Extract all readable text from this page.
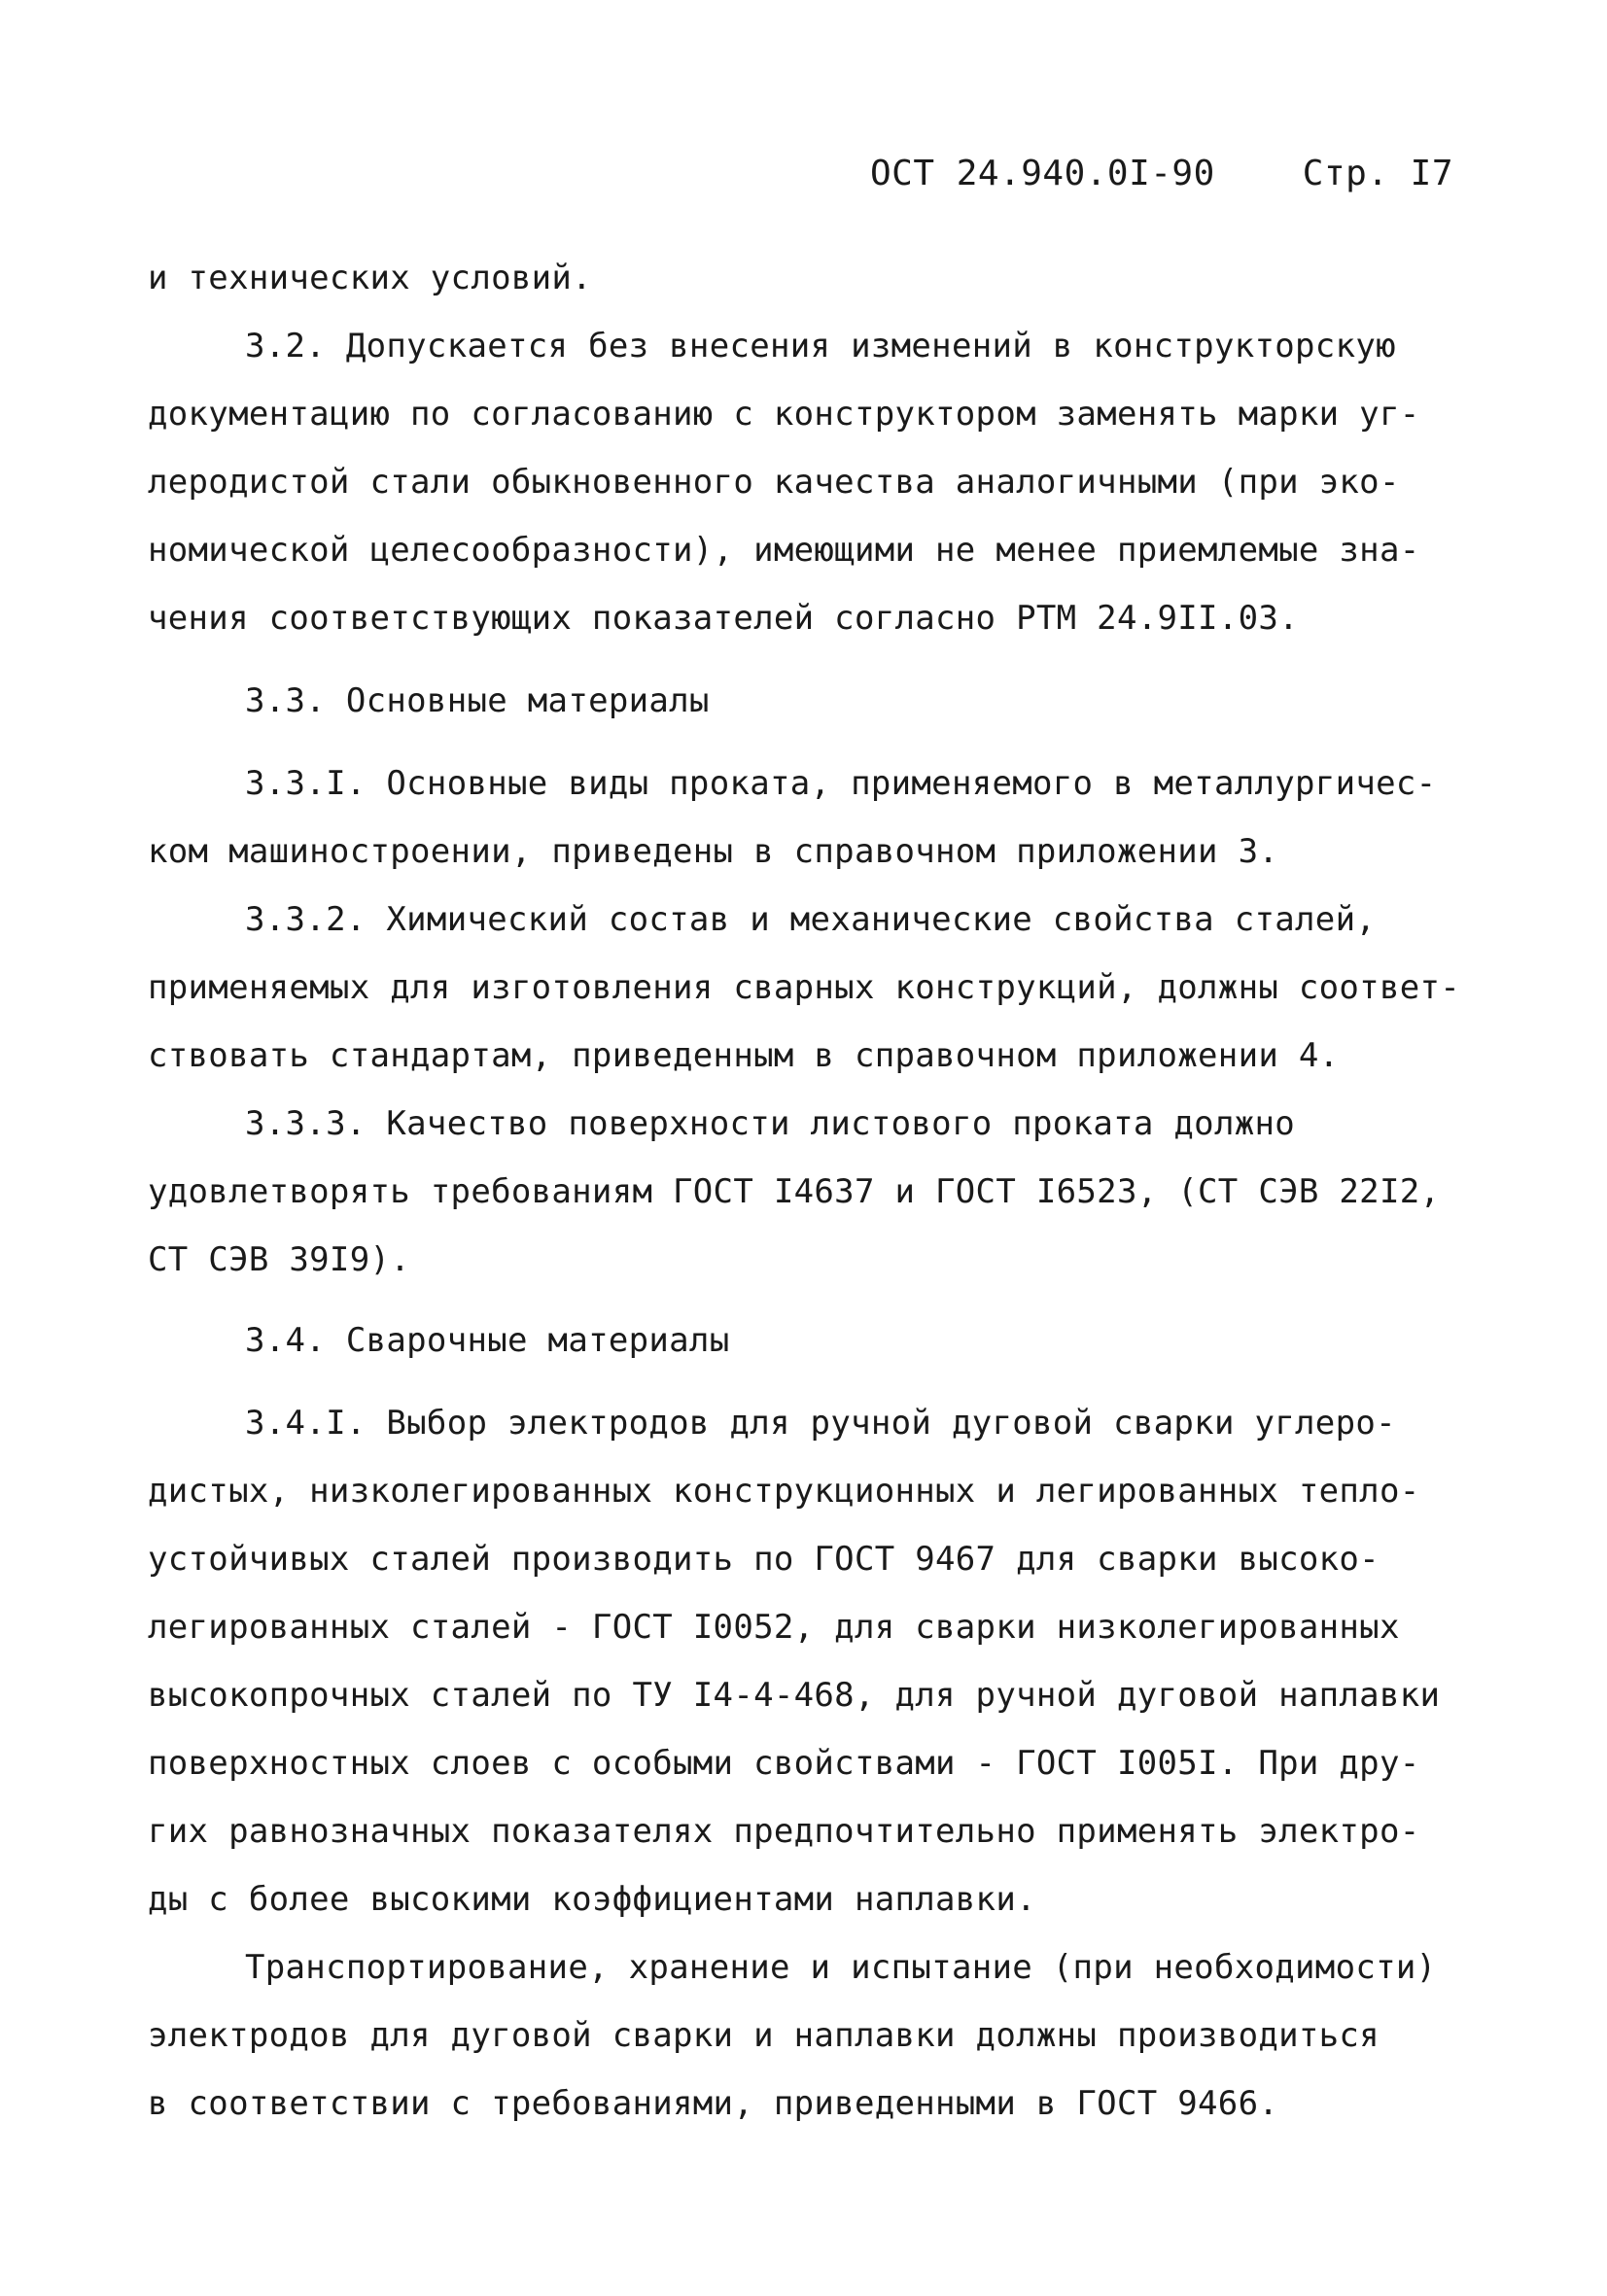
ОСТ 24.940.0I-90	Стр. I7
и технических условий.
3.2. Допускается без внесения изменений в конструкторскую
документацию по согласованию с конструктором заменять марки уг-
леродистой стали обыкновенного качества аналогичными (при эко-
номической целесообразности), имеющими не менее приемлемые зна-
чения соответствующих показателей согласно РТМ 24.9II.03.
3.3. Основные материалы
3.3.I. Основные виды проката, применяемого в металлургичес-
ком машиностроении, приведены в справочном приложении 3.
3.3.2. Химический состав и механические свойства сталей,
применяемых для изготовления сварных конструкций, должны соответ-
ствовать стандартам, приведенным в справочном приложении 4.
3.3.3. Качество поверхности листового проката должно
удовлетворять требованиям ГОСТ I4637 и ГОСТ I6523, (СТ СЭВ 22I2,
СТ СЭВ 39I9).
3.4. Сварочные материалы
3.4.I. Выбор электродов для ручной дуговой сварки углеро-
дистых, низколегированных конструкционных и легированных тепло-
устойчивых сталей производить по ГОСТ 9467 для сварки высоко-
легированных сталей - ГОСТ I0052, для сварки низколегированных
высокопрочных сталей по ТУ I4-4-468, для ручной дуговой наплавки
поверхностных слоев с особыми свойствами - ГОСТ I005I. При дру-
гих равнозначных показателях предпочтительно применять электро-
ды с более высокими коэффициентами наплавки.
Транспортирование, хранение и испытание (при необходимости)
электродов для дуговой сварки и наплавки должны производиться
в соответствии с требованиями, приведенными в ГОСТ 9466.
